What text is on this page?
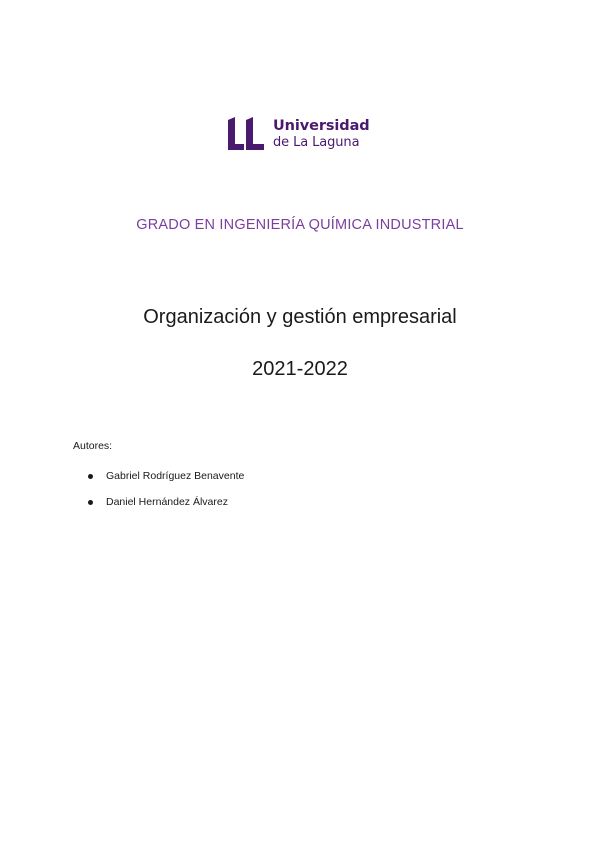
Universidad
de La Laguna
GRADO EN INGENIERÍA QUÍMICA INDUSTRIAL
Organización y gestión empresarial
2021-2022
Autores:
Gabriel Rodríguez Benavente
Daniel Hernández Álvarez
